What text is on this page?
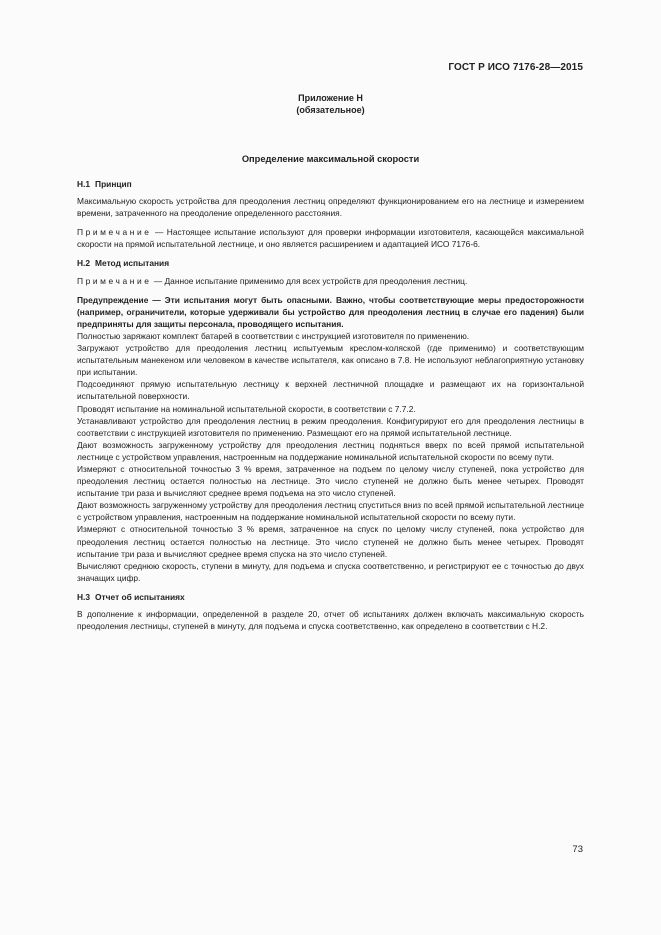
ГОСТ Р ИСО 7176-28—2015
Приложение Н
(обязательное)
Определение максимальной скорости

Н.1 Принцип

Максимальную скорость устройства для преодоления лестниц определяют функционированием его на лестнице и измерением времени, затраченного на преодоление определенного расстояния.

Примечание — Настоящее испытание используют для проверки информации изготовителя, касающейся максимальной скорости на прямой испытательной лестнице, и оно является расширением и адаптацией ИСО 7176-6.

Н.2 Метод испытания

Примечание — Данное испытание применимо для всех устройств для преодоления лестниц.

Предупреждение — Эти испытания могут быть опасными. Важно, чтобы соответствующие меры предосторожности (например, ограничители, которые удерживали бы устройство для преодоления лестниц в случае его падения) были предприняты для защиты персонала, проводящего испытания.

Полностью заряжают комплект батарей в соответствии с инструкцией изготовителя по применению.

Загружают устройство для преодоления лестниц испытуемым креслом-коляской (где применимо) и соответствующим испытательным манекеном или человеком в качестве испытателя, как описано в 7.8. Не используют неблагоприятную установку при испытании.

Подсоединяют прямую испытательную лестницу к верхней лестничной площадке и размещают их на горизонтальной испытательной поверхности.

Проводят испытание на номинальной испытательной скорости, в соответствии с 7.7.2.

Устанавливают устройство для преодоления лестниц в режим преодоления. Конфигурируют его для преодоления лестницы в соответствии с инструкцией изготовителя по применению. Размещают его на прямой испытательной лестнице.

Дают возможность загруженному устройству для преодоления лестниц подняться вверх по всей прямой испытательной лестнице с устройством управления, настроенным на поддержание номинальной испытательной скорости по всему пути.

Измеряют с относительной точностью 3 % время, затраченное на подъем по целому числу ступеней, пока устройство для преодоления лестниц остается полностью на лестнице. Это число ступеней не должно быть менее четырех. Проводят испытание три раза и вычисляют среднее время подъема на это число ступеней.

Дают возможность загруженному устройству для преодоления лестниц спуститься вниз по всей прямой испытательной лестнице с устройством управления, настроенным на поддержание номинальной испытательной скорости по всему пути.

Измеряют с относительной точностью 3 % время, затраченное на спуск по целому числу ступеней, пока устройство для преодоления лестниц остается полностью на лестнице. Это число ступеней не должно быть менее четырех. Проводят испытание три раза и вычисляют среднее время спуска на это число ступеней.

Вычисляют среднюю скорость, ступени в минуту, для подъема и спуска соответственно, и регистрируют ее с точностью до двух значащих цифр.

Н.3 Отчет об испытаниях

В дополнение к информации, определенной в разделе 20, отчет об испытаниях должен включать максимальную скорость преодоления лестницы, ступеней в минуту, для подъема и спуска соответственно, как определено в соответствии с Н.2.

73
